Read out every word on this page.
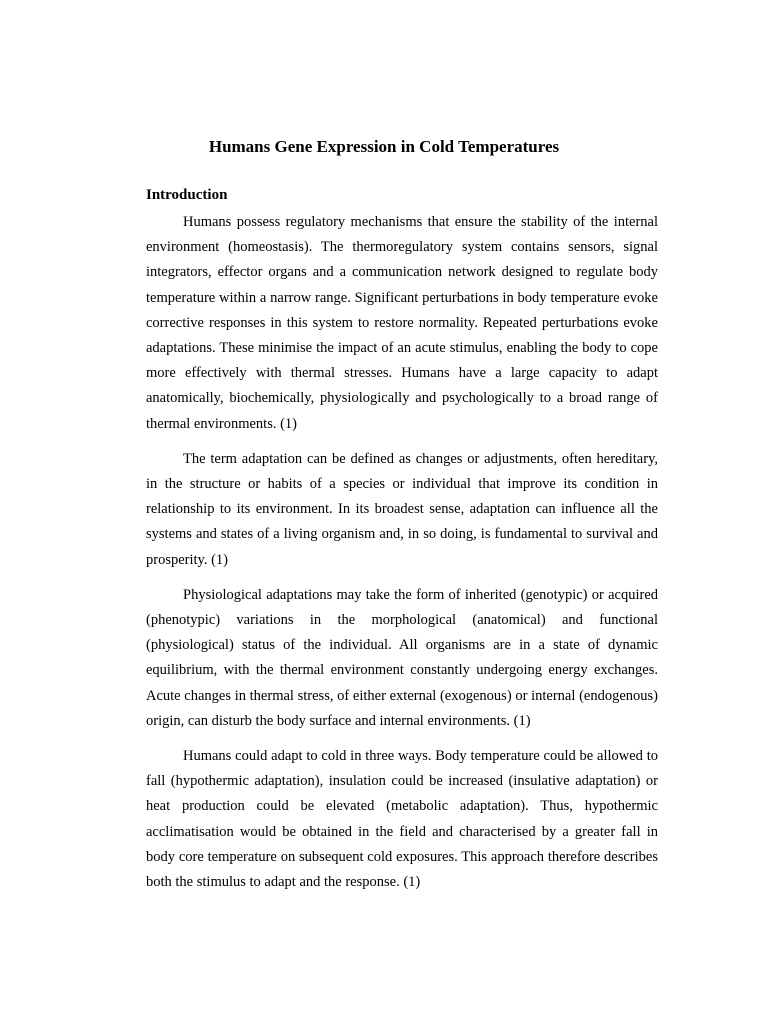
Humans Gene Expression in Cold Temperatures
Introduction

Humans possess regulatory mechanisms that ensure the stability of the internal environment (homeostasis). The thermoregulatory system contains sensors, signal integrators, effector organs and a communication network designed to regulate body temperature within a narrow range. Significant perturbations in body temperature evoke corrective responses in this system to restore normality. Repeated perturbations evoke adaptations. These minimise the impact of an acute stimulus, enabling the body to cope more effectively with thermal stresses. Humans have a large capacity to adapt anatomically, biochemically, physiologically and psychologically to a broad range of thermal environments. (1)

The term adaptation can be defined as changes or adjustments, often hereditary, in the structure or habits of a species or individual that improve its condition in relationship to its environment. In its broadest sense, adaptation can influence all the systems and states of a living organism and, in so doing, is fundamental to survival and prosperity. (1)

Physiological adaptations may take the form of inherited (genotypic) or acquired (phenotypic) variations in the morphological (anatomical) and functional (physiological) status of the individual. All organisms are in a state of dynamic equilibrium, with the thermal environment constantly undergoing energy exchanges. Acute changes in thermal stress, of either external (exogenous) or internal (endogenous) origin, can disturb the body surface and internal environments. (1)

Humans could adapt to cold in three ways. Body temperature could be allowed to fall (hypothermic adaptation), insulation could be increased (insulative adaptation) or heat production could be elevated (metabolic adaptation). Thus, hypothermic acclimatisation would be obtained in the field and characterised by a greater fall in body core temperature on subsequent cold exposures. This approach therefore describes both the stimulus to adapt and the response. (1)
